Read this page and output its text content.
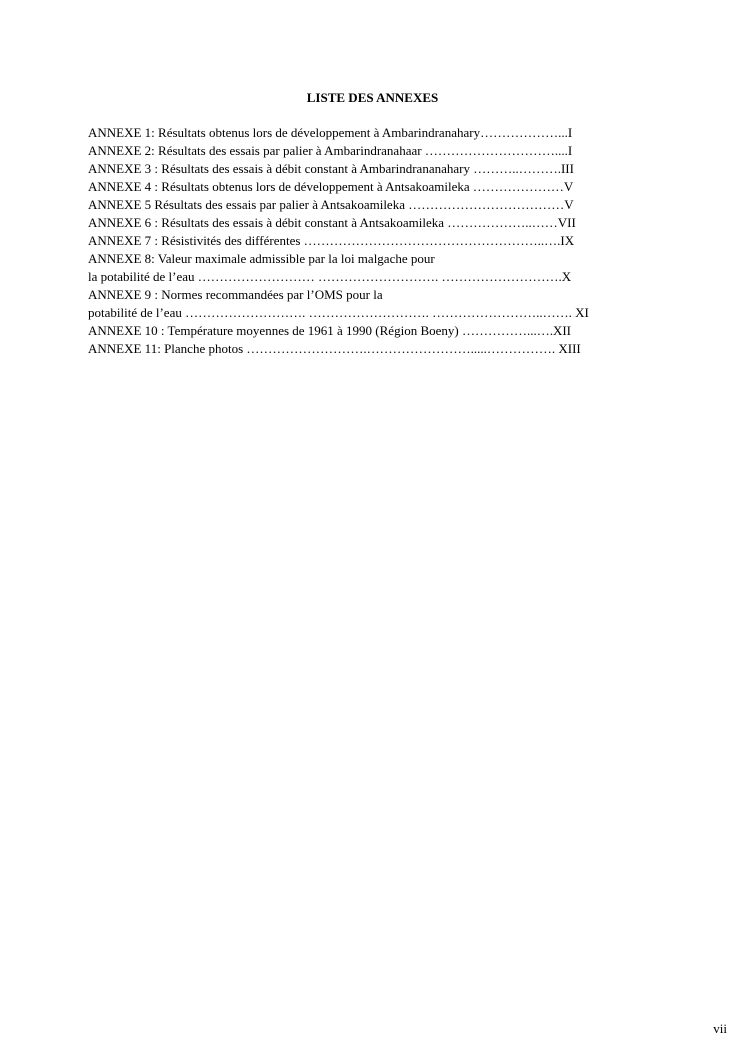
LISTE DES ANNEXES
ANNEXE 1: Résultats obtenus lors de développement à Ambarindranahary………………...I
ANNEXE 2: Résultats des essais par palier à Ambarindranahaar …………………………....I
ANNEXE 3 : Résultats des essais à débit constant à Ambarindrananahary ………..……….III
ANNEXE 4 : Résultats obtenus lors de développement à Antsakoamileka …………………V
ANNEXE 5 Résultats des essais par palier à Antsakoamileka ………………………………V
ANNEXE 6 : Résultats des essais à débit constant à Antsakoamileka ………………..……VII
ANNEXE 7 : Résistivités des différentes ………………………………………………..….IX
ANNEXE 8: Valeur maximale admissible par la loi malgache pour
la potabilité de l’eau ……………………… ………………………. ……………………….X
ANNEXE 9 : Normes recommandées par l’OMS pour la
potabilité de l’eau ………………………. ………………………. ……………………..……. XI
ANNEXE 10 : Température moyennes de 1961 à 1990 (Région Boeny) ……………...….XII
ANNEXE 11: Planche photos ……………………….…………………….....……………. XIII
vii
